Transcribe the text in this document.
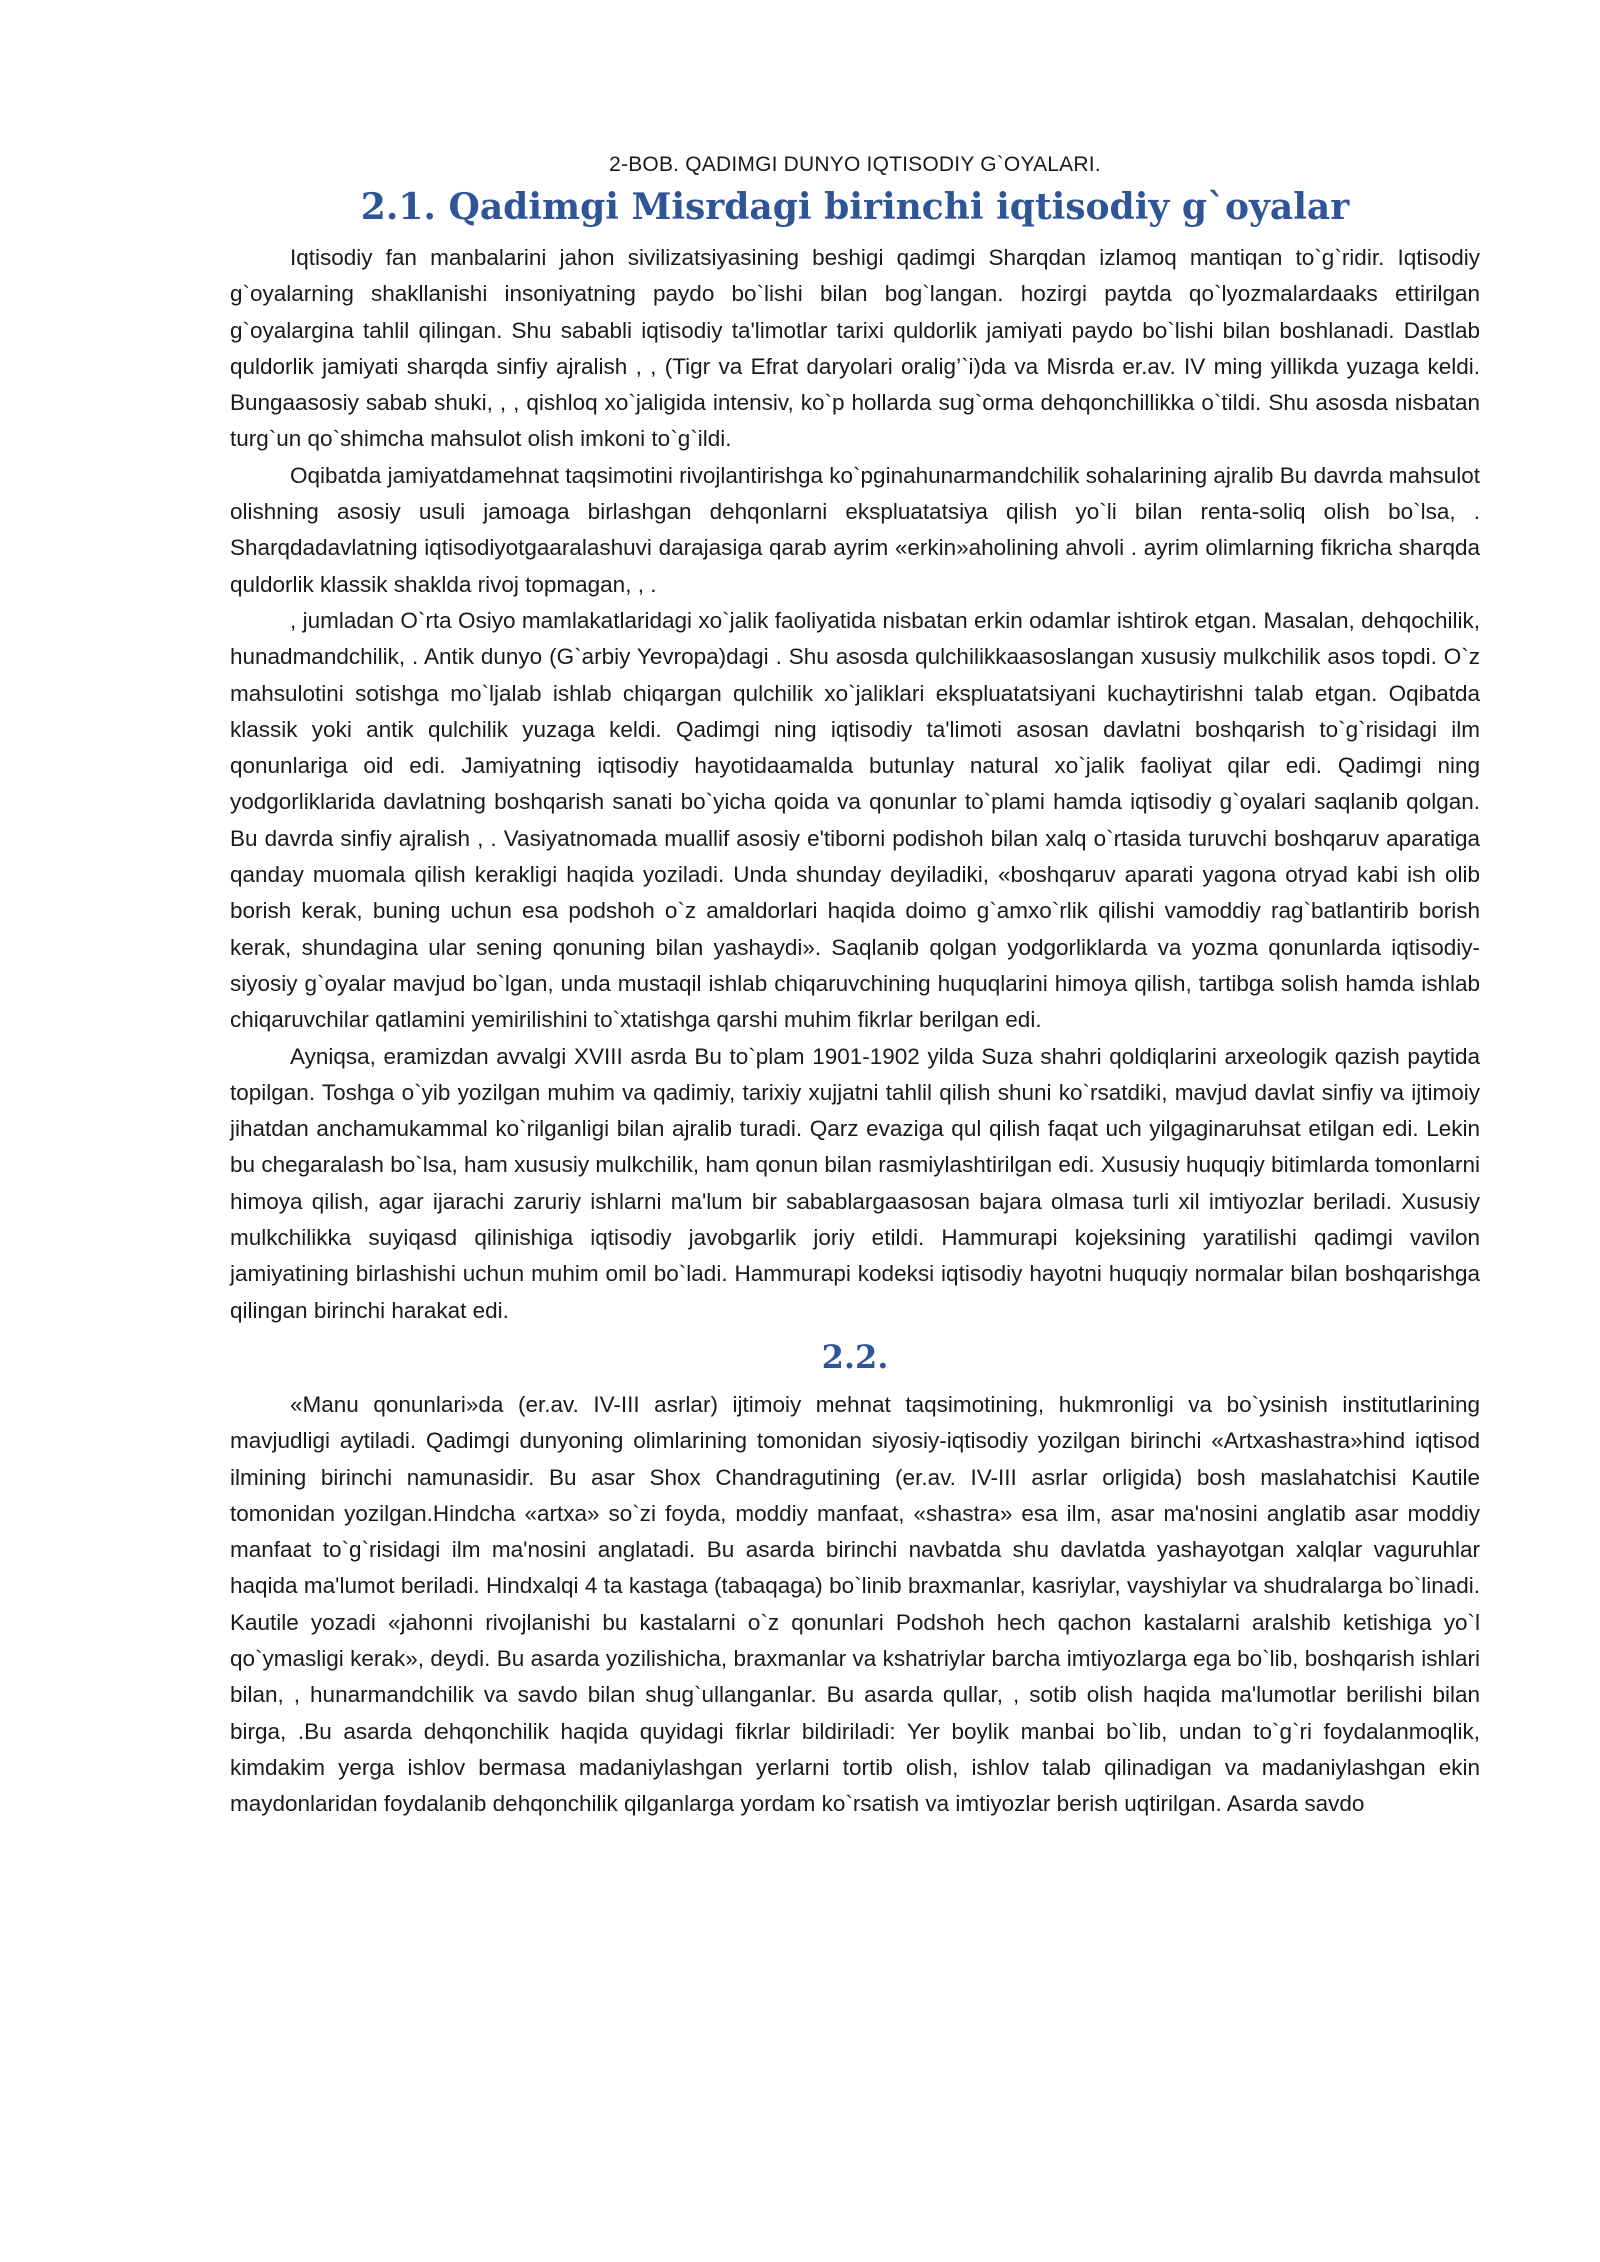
2-BOB. QADIMGI DUNYO IQTISODIY G`OYALARI.
2.1. Qadimgi Misrdagi birinchi iqtisodiy g`oyalar

Iqtisodiy fan manbalarini jahon sivilizatsiyasining beshigi qadimgi Sharqdan izlamoq mantiqan to`g`ridir. Iqtisodiy g`oyalarning shakllanishi insoniyatning paydo bo`lishi bilan bog`langan. hozirgi paytda qo`lyozmalardaaks ettirilgan g`oyalargina tahlil qilingan. Shu sababli iqtisodiy ta'limotlar tarixi quldorlik jamiyati paydo bo`lishi bilan boshlanadi. Dastlab quldorlik jamiyati sharqda sinfiy ajralish , , (Tigr va Efrat daryolari oralig’`i)da va Misrda er.av. IV ming yillikda yuzaga keldi. Bungaasosiy sabab shuki, , , qishloq xo`jaligida intensiv, ko`p hollarda sug`orma dehqonchillikka o`tildi. Shu asosda nisbatan turg`un qo`shimcha mahsulot olish imkoni to`g`ildi.

Oqibatda jamiyatdamehnat taqsimotini rivojlantirishga ko`pginahunarmandchilik sohalarining ajralib Bu davrda mahsulot olishning asosiy usuli jamoaga birlashgan dehqonlarni ekspluatatsiya qilish yo`li bilan renta-soliq olish bo`lsa, . Sharqdadavlatning iqtisodiyotgaaralashuvi darajasiga qarab ayrim «erkin»aholining ahvoli . ayrim olimlarning fikricha sharqda quldorlik klassik shaklda rivoj topmagan, , .

, jumladan O`rta Osiyo mamlakatlaridagi xo`jalik faoliyatida nisbatan erkin odamlar ishtirok etgan. Masalan, dehqochilik, hunadmandchilik, . Antik dunyo (G`arbiy Yevropa)dagi . Shu asosda qulchilikkaasoslangan xususiy mulkchilik asos topdi. O`z mahsulotini sotishga mo`ljalab ishlab chiqargan qulchilik xo`jaliklari ekspluatatsiyani kuchaytirishni talab etgan. Oqibatda klassik yoki antik qulchilik yuzaga keldi. Qadimgi ning iqtisodiy ta'limoti asosan davlatni boshqarish to`g`risidagi ilm qonunlariga oid edi. Jamiyatning iqtisodiy hayotidaamalda butunlay natural xo`jalik faoliyat qilar edi. Qadimgi ning yodgorliklarida davlatning boshqarish sanati bo`yicha qoida va qonunlar to`plami hamda iqtisodiy g`oyalari saqlanib qolgan. Bu davrda sinfiy ajralish , . Vasiyatnomada muallif asosiy e'tiborni podishoh bilan xalq o`rtasida turuvchi boshqaruv aparatiga qanday muomala qilish kerakligi haqida yoziladi. Unda shunday deyiladiki, «boshqaruv aparati yagona otryad kabi ish olib borish kerak, buning uchun esa podshoh o`z amaldorlari haqida doimo g`amxo`rlik qilishi vamoddiy rag`batlantirib borish kerak, shundagina ular sening qonuning bilan yashaydi». Saqlanib qolgan yodgorliklarda va yozma qonunlarda iqtisodiy-siyosiy g`oyalar mavjud bo`lgan, unda mustaqil ishlab chiqaruvchining huquqlarini himoya qilish, tartibga solish hamda ishlab chiqaruvchilar qatlamini yemirilishini to`xtatishga qarshi muhim fikrlar berilgan edi.

Ayniqsa, eramizdan avvalgi XVIII asrda Bu to`plam 1901-1902 yilda Suza shahri qoldiqlarini arxeologik qazish paytida topilgan. Toshga o`yib yozilgan muhim va qadimiy, tarixiy xujjatni tahlil qilish shuni ko`rsatdiki, mavjud davlat sinfiy va ijtimoiy jihatdan anchamukammal ko`rilganligi bilan ajralib turadi. Qarz evaziga qul qilish faqat uch yilgaginaruhsat etilgan edi. Lekin bu chegaralash bo`lsa, ham xususiy mulkchilik, ham qonun bilan rasmiylashtirilgan edi. Xususiy huquqiy bitimlarda tomonlarni himoya qilish, agar ijarachi zaruriy ishlarni ma'lum bir sabablargaasosan bajara olmasa turli xil imtiyozlar beriladi. Xususiy mulkchilikka suyiqasd qilinishiga iqtisodiy javobgarlik joriy etildi. Hammurapi kojeksining yaratilishi qadimgi vavilon jamiyatining birlashishi uchun muhim omil bo`ladi. Hammurapi kodeksi iqtisodiy hayotni huquqiy normalar bilan boshqarishga qilingan birinchi harakat edi.

2.2.

«Manu qonunlari»da (er.av. IV-III asrlar) ijtimoiy mehnat taqsimotining, hukmronligi va bo`ysinish institutlarining mavjudligi aytiladi. Qadimgi dunyoning olimlarining tomonidan siyosiy-iqtisodiy yozilgan birinchi «Artxashastra»hind iqtisod ilmining birinchi namunasidir. Bu asar Shox Chandragutining (er.av. IV-III asrlar orligida) bosh maslahatchisi Kautile tomonidan yozilgan.Hindcha «artxa» so`zi foyda, moddiy manfaat, «shastra» esa ilm, asar ma'nosini anglatib asar moddiy manfaat to`g`risidagi ilm ma'nosini anglatadi. Bu asarda birinchi navbatda shu davlatda yashayotgan xalqlar vaguruhlar haqida ma'lumot beriladi. Hindxalqi 4 ta kastaga (tabaqaga) bo`linib braxmanlar, kasriylar, vayshiylar va shudralarga bo`linadi. Kautile yozadi «jahonni rivojlanishi bu kastalarni o`z qonunlari Podshoh hech qachon kastalarni aralshib ketishiga yo`l qo`ymasligi kerak», deydi. Bu asarda yozilishicha, braxmanlar va kshatriylar barcha imtiyozlarga ega bo`lib, boshqarish ishlari bilan, , hunarmandchilik va savdo bilan shug`ullanganlar. Bu asarda qullar, , sotib olish haqida ma'lumotlar berilishi bilan birga, .Bu asarda dehqonchilik haqida quyidagi fikrlar bildiriladi: Yer boylik manbai bo`lib, undan to`g`ri foydalanmoqlik, kimdakim yerga ishlov bermasa madaniylashgan yerlarni tortib olish, ishlov talab qilinadigan va madaniylashgan ekin maydonlaridan foydalanib dehqonchilik qilganlarga yordam ko`rsatish va imtiyozlar berish uqtirilgan. Asarda savdo
